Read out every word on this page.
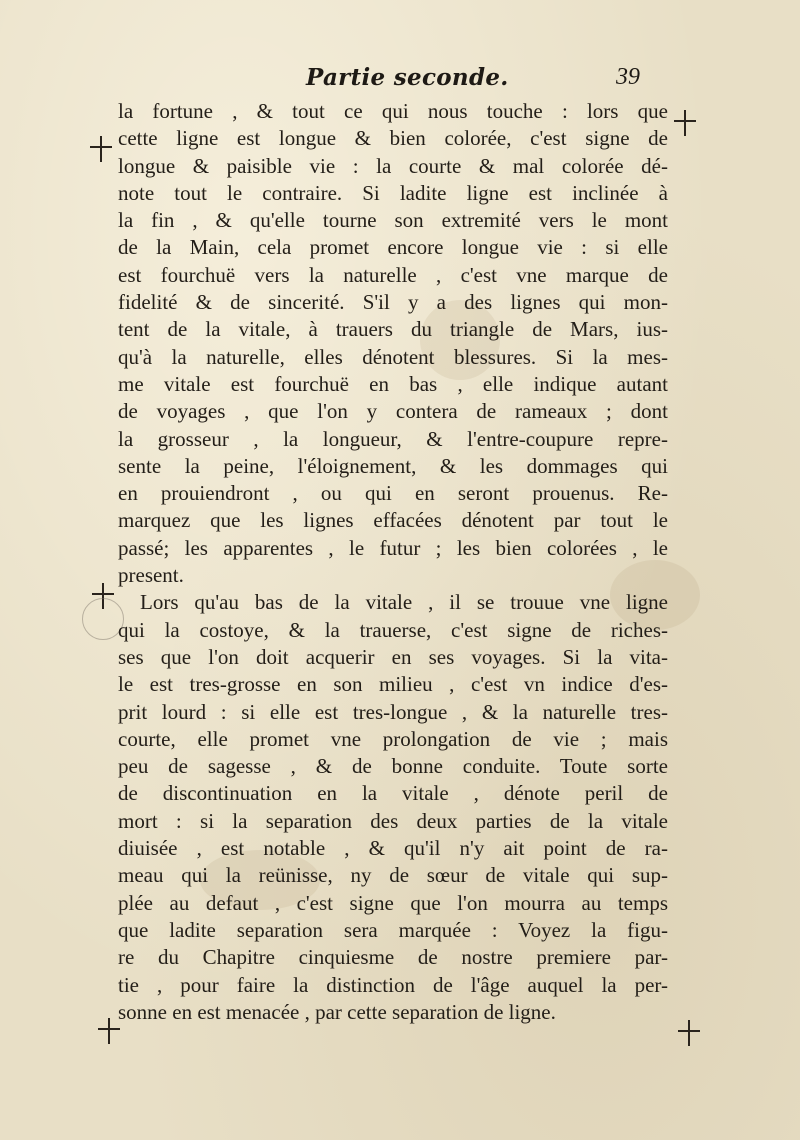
Partie seconde.	39
la fortune , & tout ce qui nous touche : lors que
cette ligne est longue & bien colorée, c'est signe de
longue & paisible vie : la courte & mal colorée dé-
note tout le contraire. Si ladite ligne est inclinée à
la fin , & qu'elle tourne son extremité vers le mont
de la Main, cela promet encore longue vie : si elle
est fourchuë vers la naturelle , c'est vne marque de
fidelité & de sincerité. S'il y a des lignes qui mon-
tent de la vitale, à trauers du triangle de Mars, ius-
qu'à la naturelle, elles dénotent blessures. Si la mes-
me vitale est fourchuë en bas , elle indique autant
de voyages , que l'on y contera de rameaux ; dont
la grosseur , la longueur, & l'entre-coupure repre-
sente la peine, l'éloignement, & les dommages qui
en prouiendront , ou qui en seront prouenus. Re-
marquez que les lignes effacées dénotent par tout le
passé; les apparentes , le futur ; les bien colorées , le
present.
Lors qu'au bas de la vitale , il se trouue vne ligne
qui la costoye, & la trauerse, c'est signe de riches-
ses que l'on doit acquerir en ses voyages. Si la vita-
le est tres-grosse en son milieu , c'est vn indice d'es-
prit lourd : si elle est tres-longue , & la naturelle tres-
courte, elle promet vne prolongation de vie ; mais
peu de sagesse , & de bonne conduite. Toute sorte
de discontinuation en la vitale , dénote peril de
mort : si la separation des deux parties de la vitale
diuisée , est notable , & qu'il n'y ait point de ra-
meau qui la reünisse, ny de sœur de vitale qui sup-
plée au defaut , c'est signe que l'on mourra au temps
que ladite separation sera marquée : Voyez la figu-
re du Chapitre cinquiesme de nostre premiere par-
tie , pour faire la distinction de l'âge auquel la per-
sonne en est menacée , par cette separation de ligne.
